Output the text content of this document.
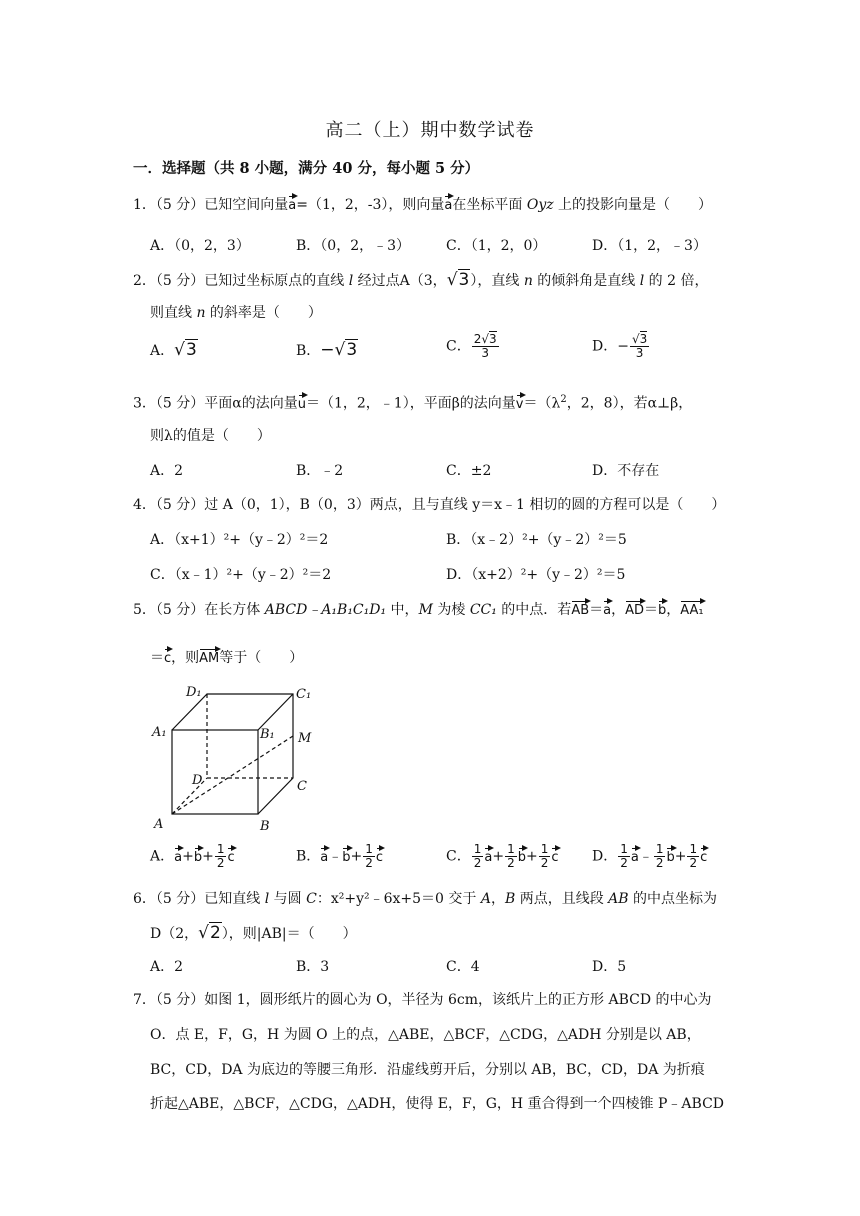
高二（上）期中数学试卷
一．选择题（共 8 小题，满分 40 分，每小题 5 分）
1．（5 分）已知空间向量a=（1，2，-3），则向量a在坐标平面 Oyz 上的投影向量是（　　）
A．（0，2，3）	B．（0，2，﹣3）	C．（1，2，0）	D．（1，2，﹣3）
2．（5 分）已知过坐标原点的直线 l 经过点A（3，√3），直线 n 的倾斜角是直线 l 的 2 倍，
则直线 n 的斜率是（　　）
A．√3	B．−√3	C． $\frac{2√3}{3}$	D．− $\frac{√3}{3}$
3．（5 分）平面α的法向量u＝（1，2，﹣1），平面β的法向量$v=(\lambda^2$，2，8），若α⊥β，
则λ的值是（　　）
A．2	B．﹣2	C．±2	D．不存在
4．（5 分）过 A（0，1），B（0，3）两点，且与直线 y＝x﹣1 相切的圆的方程可以是（　　）
A．（x+1）²+（y﹣2）²＝2	B．（x﹣2）²+（y﹣2）²＝5
C．（x﹣1）²+（y﹣2）²＝2	D．（x+2）²+（y﹣2）²＝5
5．（5 分）在长方体 ABCD﹣A₁B₁C₁D₁ 中，M 为棱 CC₁ 的中点．若AB＝a，AD＝b，AA₁
＝c，则AM等于（　　）
A	B
C
D
A₁	B₁
C₁
D₁
M
A．$a+b+ \frac{1}{2}$ c	B．a﹣b+ $\frac{1}{2}$ c	C． $\frac{1}{2} a+ \frac{1}{2} b+ \frac{1}{2}$ c D． $\frac{1}{2}$ a﹣ $\frac{1}{2} b+ \frac{1}{2}$ c
6．（5 分）已知直线 l 与圆 C：x²+y²﹣6x+5＝0 交于 A，B 两点，且线段 AB 的中点坐标为
D（2，√2），则|AB|＝（　　）
A．2	B．3	C．4	D．5
7．（5 分）如图 1，圆形纸片的圆心为 O，半径为 6cm，该纸片上的正方形 ABCD 的中心为
O．点 E，F，G，H 为圆 O 上的点，△ABE，△BCF，△CDG，△ADH 分别是以 AB，
BC，CD，DA 为底边的等腰三角形．沿虚线剪开后，分别以 AB，BC，CD，DA 为折痕
折起△ABE，△BCF，△CDG，△ADH，使得 E，F，G，H 重合得到一个四棱锥 P﹣ABCD
